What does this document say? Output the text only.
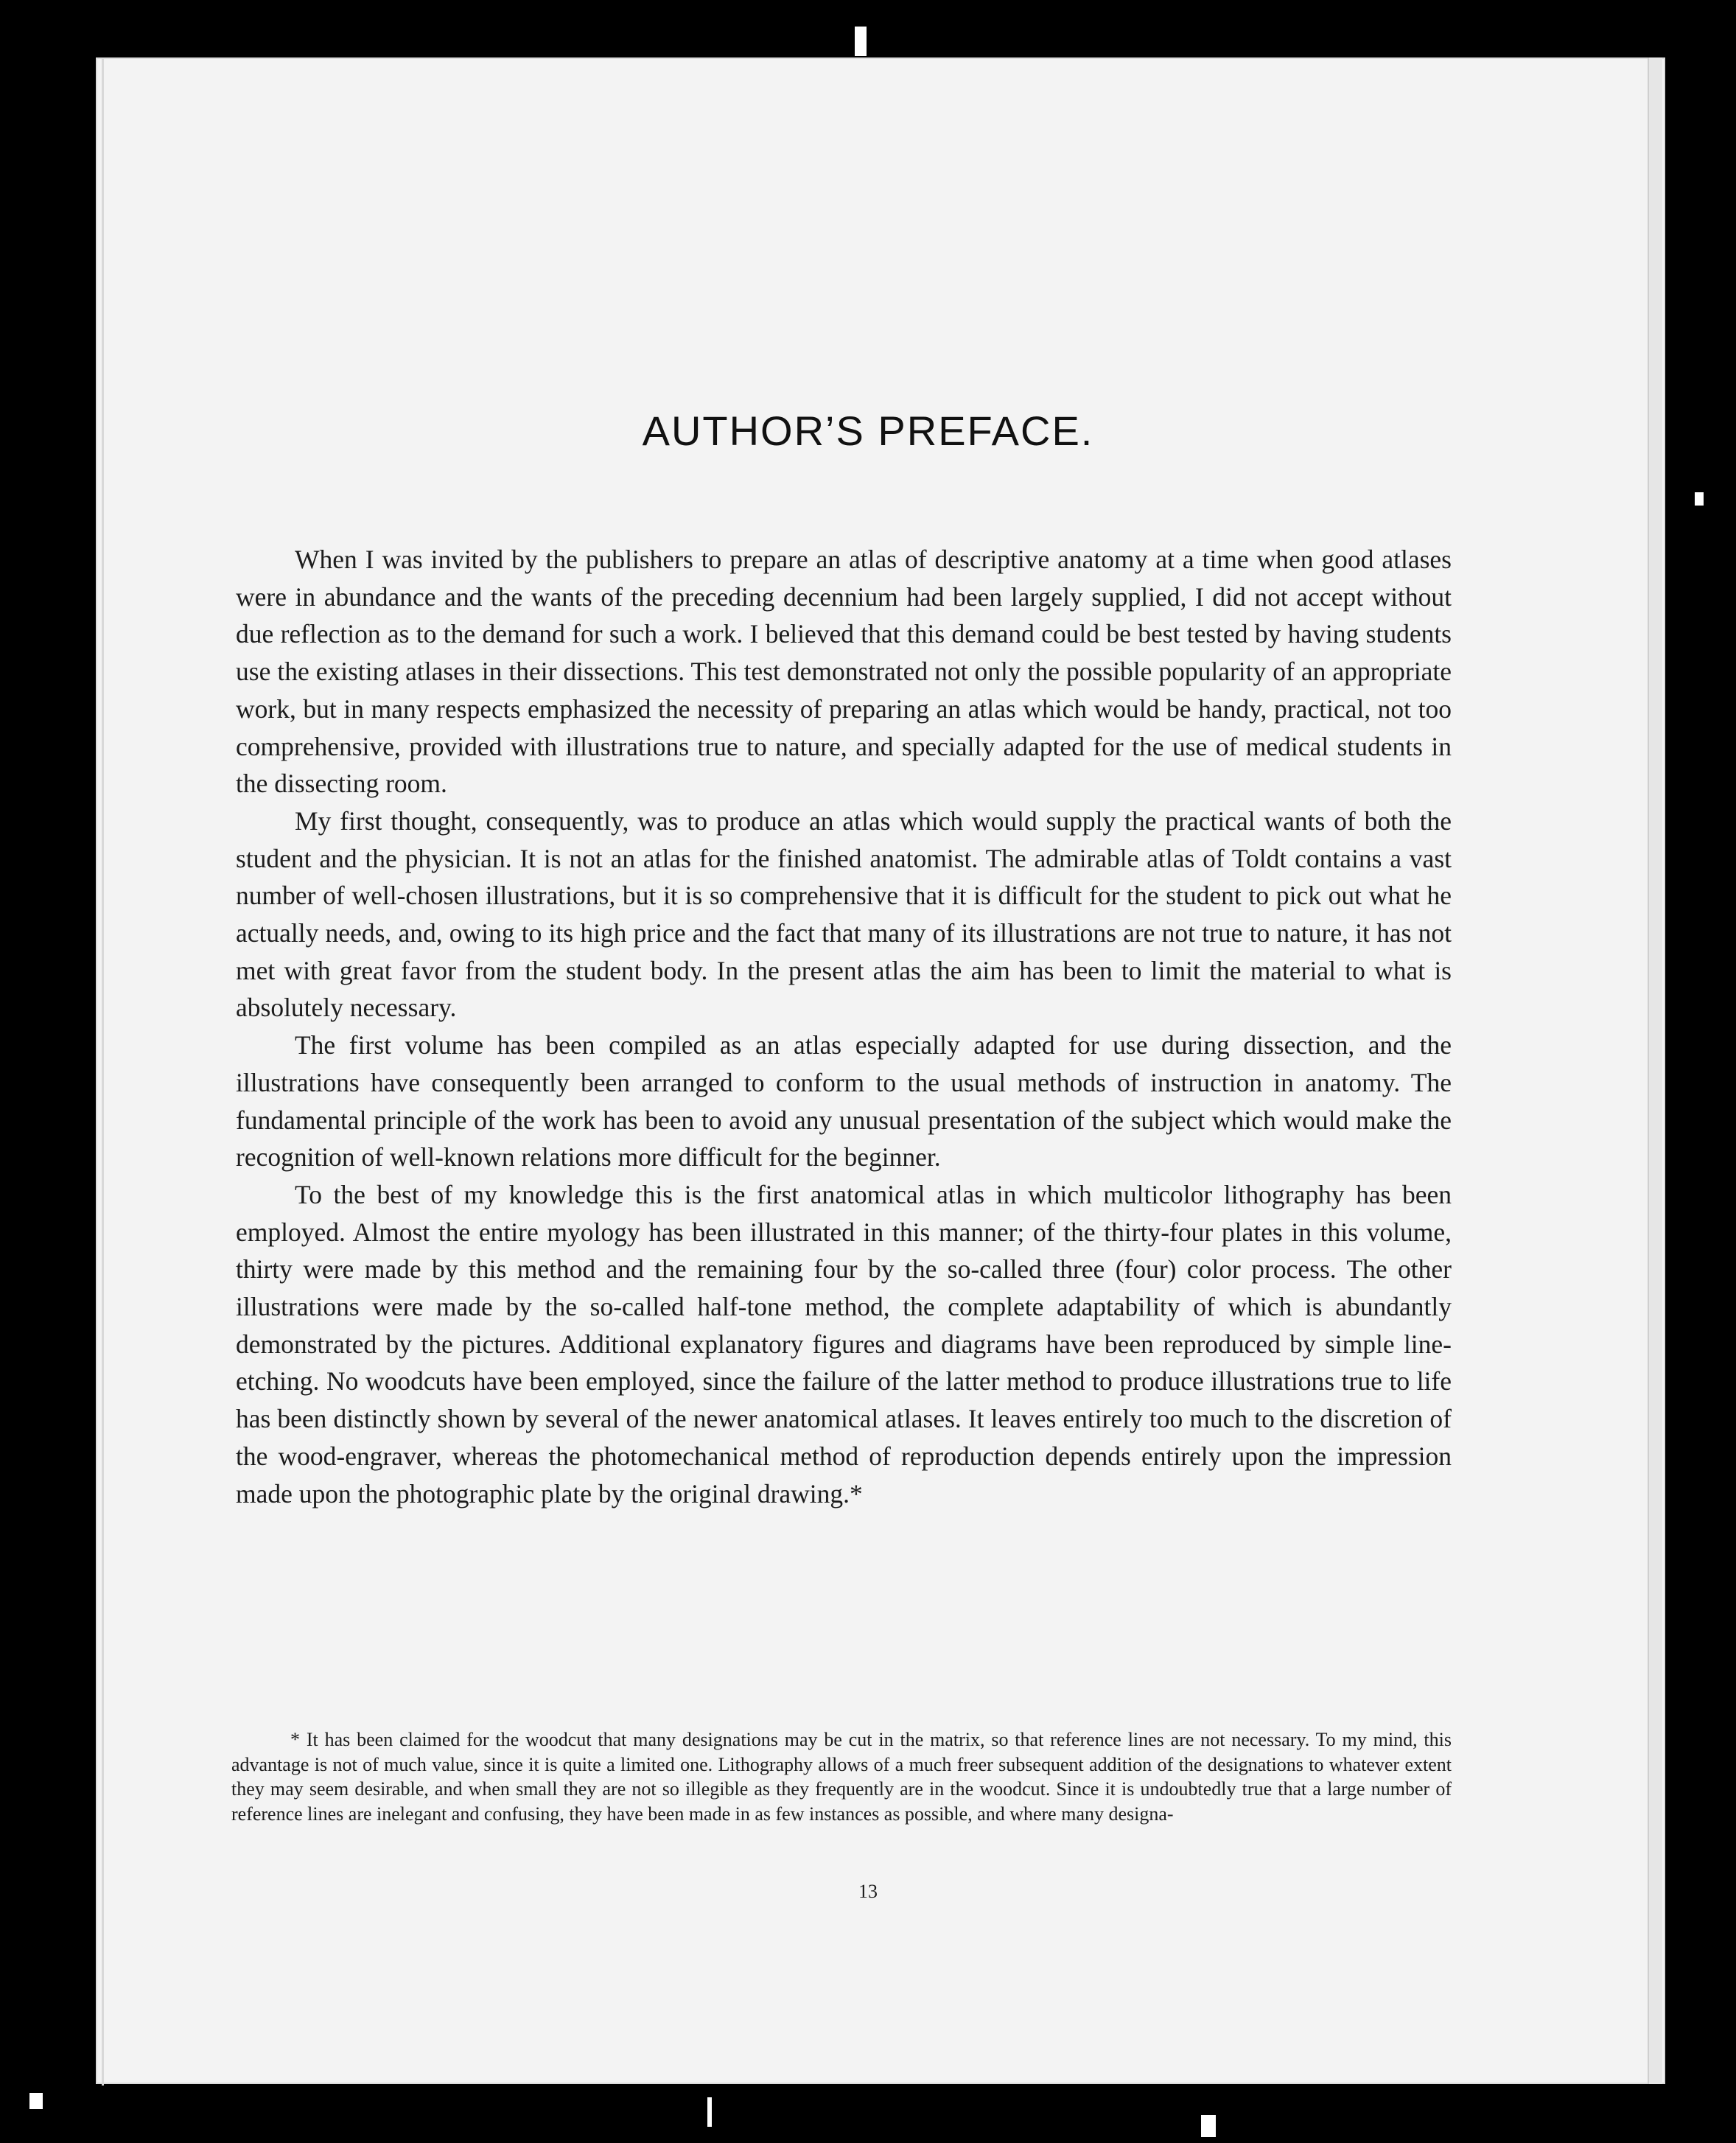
AUTHOR’S PREFACE.

When I was invited by the publishers to prepare an atlas of descriptive anatomy at a time when good atlases were in abundance and the wants of the preceding decennium had been largely supplied, I did not accept without due reflection as to the demand for such a work. I believed that this demand could be best tested by having students use the existing atlases in their dissections. This test demonstrated not only the possible popularity of an appropriate work, but in many respects emphasized the necessity of preparing an atlas which would be handy, practical, not too comprehensive, provided with illustrations true to nature, and specially adapted for the use of medical students in the dissecting room.

My first thought, consequently, was to produce an atlas which would supply the practical wants of both the student and the physician. It is not an atlas for the finished anatomist. The admirable atlas of Toldt contains a vast number of well-chosen illustrations, but it is so comprehensive that it is difficult for the student to pick out what he actually needs, and, owing to its high price and the fact that many of its illustrations are not true to nature, it has not met with great favor from the student body. In the present atlas the aim has been to limit the material to what is absolutely necessary.

The first volume has been compiled as an atlas especially adapted for use during dissection, and the illustrations have consequently been arranged to conform to the usual methods of instruction in anatomy. The fundamental principle of the work has been to avoid any unusual presentation of the subject which would make the recognition of well-known relations more difficult for the beginner.

To the best of my knowledge this is the first anatomical atlas in which multicolor lithography has been employed. Almost the entire myology has been illustrated in this manner; of the thirty-four plates in this volume, thirty were made by this method and the remaining four by the so-called three (four) color process. The other illustrations were made by the so-called half-tone method, the complete adaptability of which is abundantly demonstrated by the pictures. Additional explanatory figures and diagrams have been reproduced by simple line-etching. No woodcuts have been employed, since the failure of the latter method to produce illustrations true to life has been distinctly shown by several of the newer anatomical atlases. It leaves entirely too much to the discretion of the wood-engraver, whereas the photomechanical method of reproduction depends entirely upon the impression made upon the photographic plate by the original drawing.*

* It has been claimed for the woodcut that many designations may be cut in the matrix, so that reference lines are not necessary. To my mind, this advantage is not of much value, since it is quite a limited one. Lithography allows of a much freer subsequent addition of the designations to whatever extent they may seem desirable, and when small they are not so illegible as they frequently are in the woodcut. Since it is undoubtedly true that a large number of reference lines are inelegant and confusing, they have been made in as few instances as possible, and where many designa-

13
